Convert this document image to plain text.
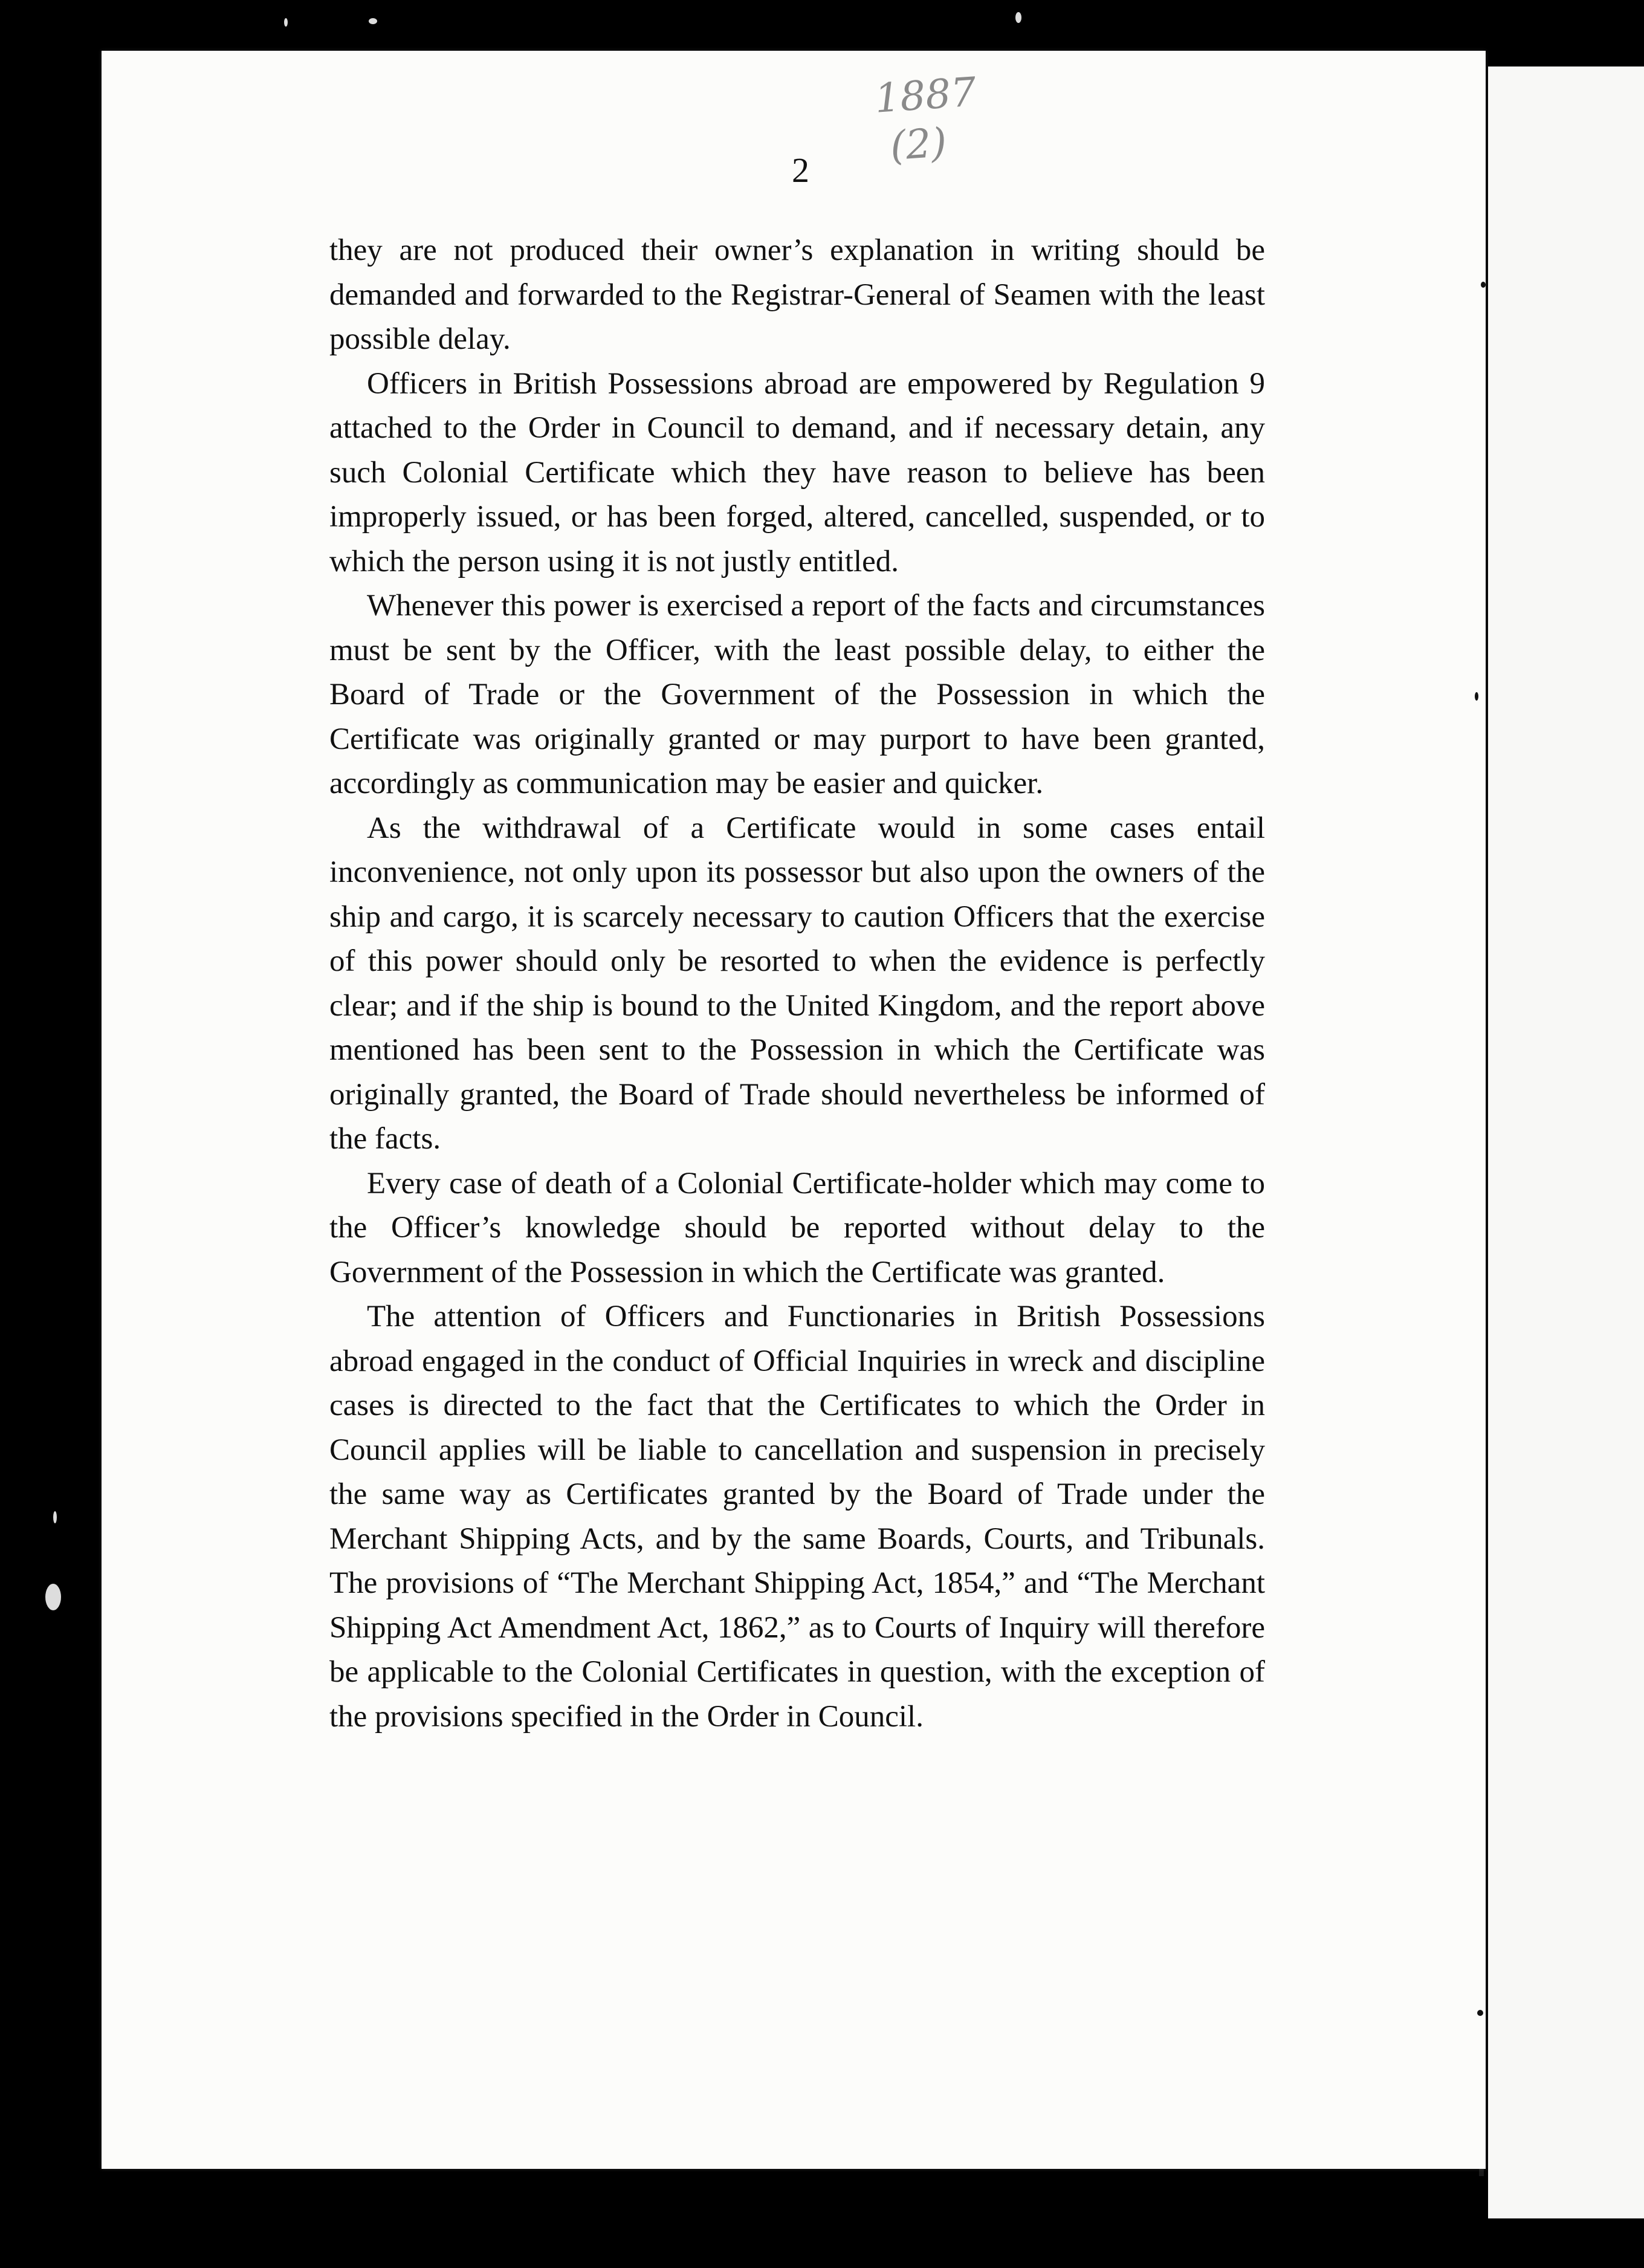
1887
(2)
2

they are not produced their owner’s explanation in writing should be demanded and forwarded to the Registrar-General of Seamen with the least possible delay.

Officers in British Possessions abroad are empowered by Regulation 9 attached to the Order in Council to demand, and if necessary detain, any such Colonial Certificate which they have reason to believe has been improperly issued, or has been forged, altered, cancelled, suspended, or to which the person using it is not justly entitled.

Whenever this power is exercised a report of the facts and circumstances must be sent by the Officer, with the least possible delay, to either the Board of Trade or the Government of the Possession in which the Certificate was originally granted or may purport to have been granted, accordingly as communication may be easier and quicker.

As the withdrawal of a Certificate would in some cases entail inconvenience, not only upon its possessor but also upon the owners of the ship and cargo, it is scarcely necessary to caution Officers that the exercise of this power should only be resorted to when the evidence is perfectly clear; and if the ship is bound to the United Kingdom, and the report above mentioned has been sent to the Possession in which the Certificate was originally granted, the Board of Trade should nevertheless be informed of the facts.

Every case of death of a Colonial Certificate-holder which may come to the Officer’s knowledge should be reported without delay to the Government of the Possession in which the Certificate was granted.

The attention of Officers and Functionaries in British Possessions abroad engaged in the conduct of Official Inquiries in wreck and discipline cases is directed to the fact that the Certificates to which the Order in Council applies will be liable to cancellation and suspension in precisely the same way as Certificates granted by the Board of Trade under the Merchant Shipping Acts, and by the same Boards, Courts, and Tribunals. The provisions of “The Merchant Shipping Act, 1854,” and “The Merchant Shipping Act Amendment Act, 1862,” as to Courts of Inquiry will therefore be applicable to the Colonial Certificates in question, with the exception of the provisions specified in the Order in Council.
